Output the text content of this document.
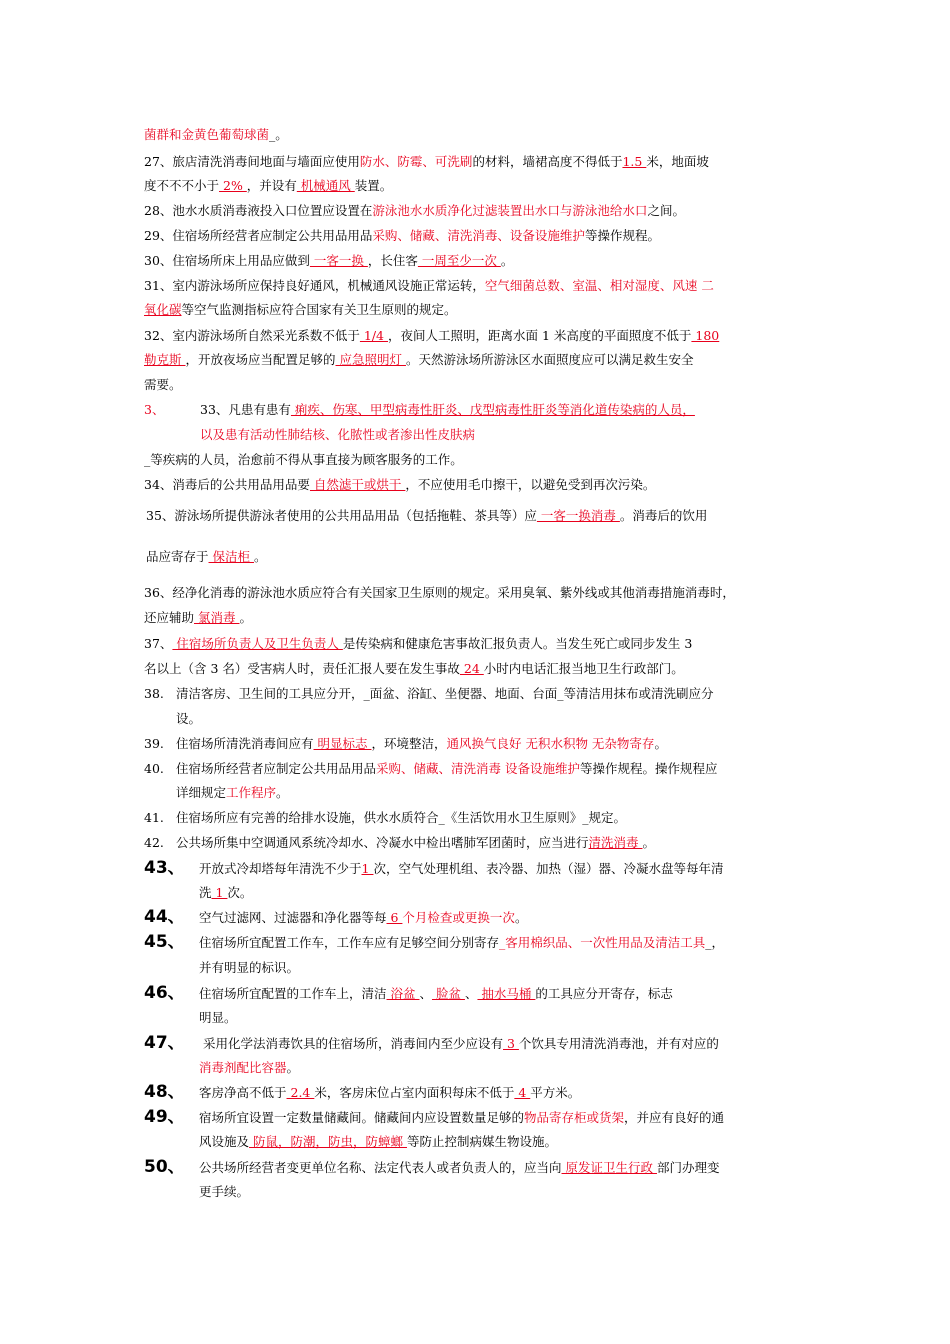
菌群和金黄色葡萄球菌_。
27、旅店清洗消毒间地面与墙面应使用防水、防霉、可洗刷的材料，墙裙高度不得低于1.5 米，地面坡
度不不不小于 2% ，并设有 机械通风 装置。
28、池水水质消毒液投入口位置应设置在游泳池水水质净化过滤装置出水口与游泳池给水口之间。
29、住宿场所经营者应制定公共用品用品采购、储藏、清洗消毒、设备设施维护等操作规程。
30、住宿场所床上用品应做到 一客一换 ，长住客 一周至少一次 。
31、室内游泳场所应保持良好通风，机械通风设施正常运转，空气细菌总数、室温、相对湿度、风速 二
氧化碳等空气监测指标应符合国家有关卫生原则的规定。
32、室内游泳场所自然采光系数不低于 1/4 ，夜间人工照明，距离水面 1 米高度的平面照度不低于 180
勒克斯 ，开放夜场应当配置足够的 应急照明灯 。天然游泳场所游泳区水面照度应可以满足救生安全
需要。
3、	33、凡患有患有 痢疾、伤寒、甲型病毒性肝炎、戊型病毒性肝炎等消化道传染病的人员，
以及患有活动性肺结核、化脓性或者渗出性皮肤病
_等疾病的人员，治愈前不得从事直接为顾客服务的工作。
34、消毒后的公共用品用品要 自然滤干或烘干 ，不应使用毛巾擦干，以避免受到再次污染。
35、游泳场所提供游泳者使用的公共用品用品（包括拖鞋、茶具等）应 一客一换消毒 。消毒后的饮用
品应寄存于 保洁柜 。
36、经净化消毒的游泳池水质应符合有关国家卫生原则的规定。采用臭氧、紫外线或其他消毒措施消毒时，
还应辅助 氯消毒 。
37、 住宿场所负责人及卫生负责人 是传染病和健康危害事故汇报负责人。当发生死亡或同步发生 3
名以上（含 3 名）受害病人时，责任汇报人要在发生事故 24 小时内电话汇报当地卫生行政部门。
38. 清洁客房、卫生间的工具应分开，_面盆、浴缸、坐便器、地面、台面_等清洁用抹布或清洗刷应分
设。
39. 住宿场所清洗消毒间应有 明显标志 ，环境整洁，通风换气良好 无积水积物 无杂物寄存。
40. 住宿场所经营者应制定公共用品用品采购、储藏、清洗消毒 设备设施维护等操作规程。操作规程应
详细规定工作程序。
41. 住宿场所应有完善的给排水设施，供水水质符合_《生活饮用水卫生原则》_规定。
42. 公共场所集中空调通风系统冷却水、冷凝水中检出嗜肺军团菌时，应当进行清洗消毒 。
43、 开放式冷却塔每年清洗不少于1 次，空气处理机组、表冷器、加热（湿）器、冷凝水盘等每年清
洗 1 次。
44、 空气过滤网、过滤器和净化器等每 6 个月检查或更换一次。
45、 住宿场所宜配置工作车，工作车应有足够空间分别寄存_客用棉织品、一次性用品及清洁工具_，
并有明显的标识。
46、 住宿场所宜配置的工作车上，清洁 浴盆 、 脸盆 、 抽水马桶 的工具应分开寄存，标志
明显。
47、 采用化学法消毒饮具的住宿场所，消毒间内至少应设有 3 个饮具专用清洗消毒池，并有对应的
消毒剂配比容器。
48、 客房净高不低于 2.4 米，客房床位占室内面积每床不低于 4 平方米。
49、 宿场所宜设置一定数量储藏间。储藏间内应设置数量足够的物品寄存柜或货架，并应有良好的通
风设施及 防鼠，防潮，防虫，防蟑螂 等防止控制病媒生物设施。
50、 公共场所经营者变更单位名称、法定代表人或者负责人的，应当向 原发证卫生行政 部门办理变
更手续。
